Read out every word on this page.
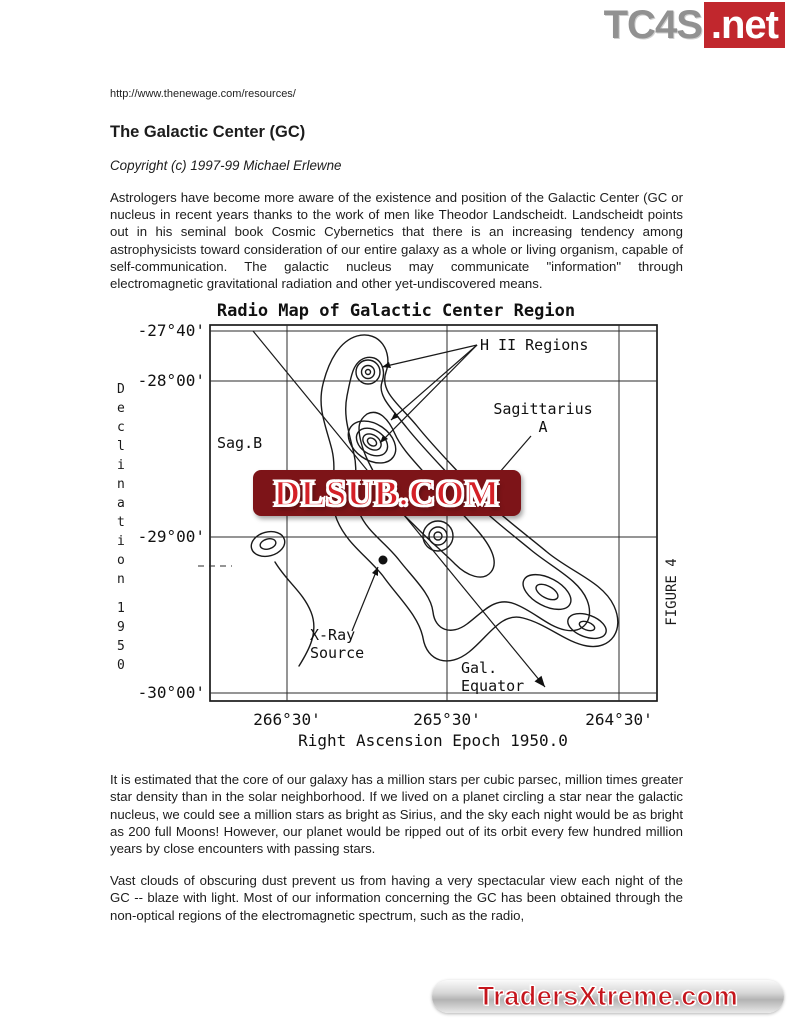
TC4S .net
http://www.thenewage.com/resources/
The Galactic Center (GC)

Copyright (c) 1997-99 Michael Erlewne

Astrologers have become more aware of the existence and position of the Galactic Center (GC or nucleus in recent years thanks to the work of men like Theodor Landscheidt. Landscheidt points out in his seminal book Cosmic Cybernetics that there is an increasing tendency among astrophysicists toward consideration of our entire galaxy as a whole or living organism, capable of self-communication. The galactic nucleus may communicate "information" through electromagnetic gravitational radiation and other yet-undiscovered means.

Radio Map of Galactic Center Region
-27°40'
-28°00'
-29°00'
-30°00'
266°30'	265°30'	264°30'
Right Ascension Epoch 1950.0
H II Regions
Sagittarius
A
Sag.B
X-Ray
Source
Gal.
Equator
Declination
1950
FIGURE 4
DLSUB.COM

It is estimated that the core of our galaxy has a million stars per cubic parsec, million times greater star density than in the solar neighborhood. If we lived on a planet circling a star near the galactic nucleus, we could see a million stars as bright as Sirius, and the sky each night would be as bright as 200 full Moons! However, our planet would be ripped out of its orbit every few hundred million years by close encounters with passing stars.

Vast clouds of obscuring dust prevent us from having a very spectacular view each night of the GC -- blaze with light. Most of our information concerning the GC has been obtained through the non-optical regions of the electromagnetic spectrum, such as the radio,

TradersXtreme.com
